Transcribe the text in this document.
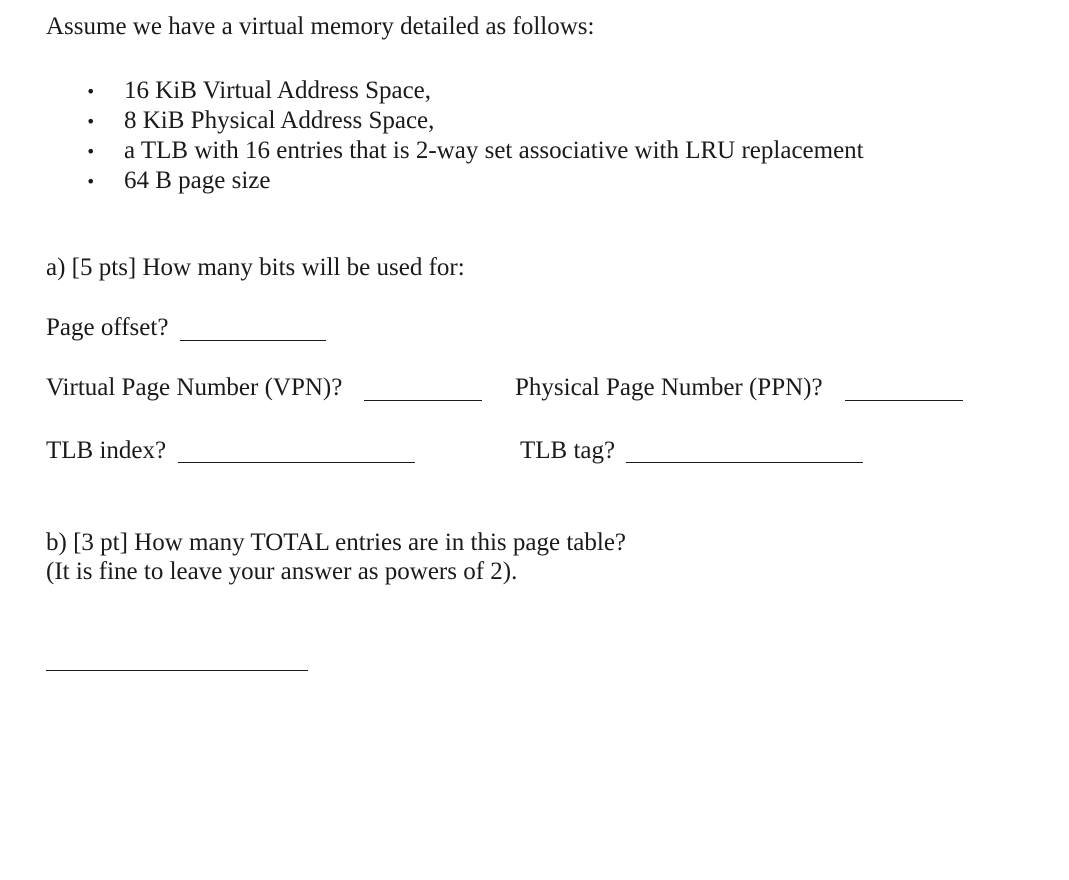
Assume we have a virtual memory detailed as follows:
• 16 KiB Virtual Address Space,
• 8 KiB Physical Address Space,
• a TLB with 16 entries that is 2-way set associative with LRU replacement
• 64 B page size
a) [5 pts] How many bits will be used for:
Page offset?
Virtual Page Number (VPN)?	Physical Page Number (PPN)?
TLB index?	TLB tag?
b) [3 pt] How many TOTAL entries are in this page table?
(It is fine to leave your answer as powers of 2).
